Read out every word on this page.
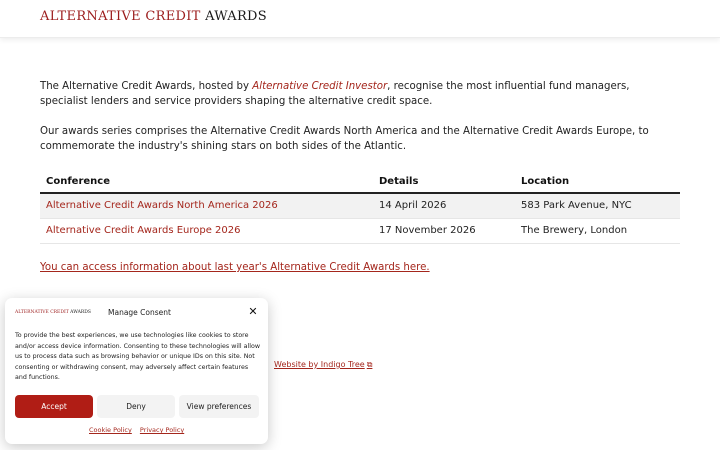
ALTERNATIVE CREDIT AWARDS

The Alternative Credit Awards, hosted by Alternative Credit Investor, recognise the most influential fund managers, specialist lenders and service providers shaping the alternative credit space.

Our awards series comprises the Alternative Credit Awards North America and the Alternative Credit Awards Europe, to commemorate the industry's shining stars on both sides of the Atlantic.

Conference	Details	Location
Alternative Credit Awards North America 2026	14 April 2026	583 Park Avenue, NYC
Alternative Credit Awards Europe 2026	17 November 2026	The Brewery, London
You can access information about last year's Alternative Credit Awards here.
Website by Indigo Tree ⧉
ALTERNATIVE CREDIT AWARDS Manage Consent	✕
To provide the best experiences, we use technologies like cookies to store and/or access device information. Consenting to these technologies will allow us to process data such as browsing behavior or unique IDs on this site. Not consenting or withdrawing consent, may adversely affect certain features and functions.
Accept	Deny	View preferences
Cookie Policy Privacy Policy
